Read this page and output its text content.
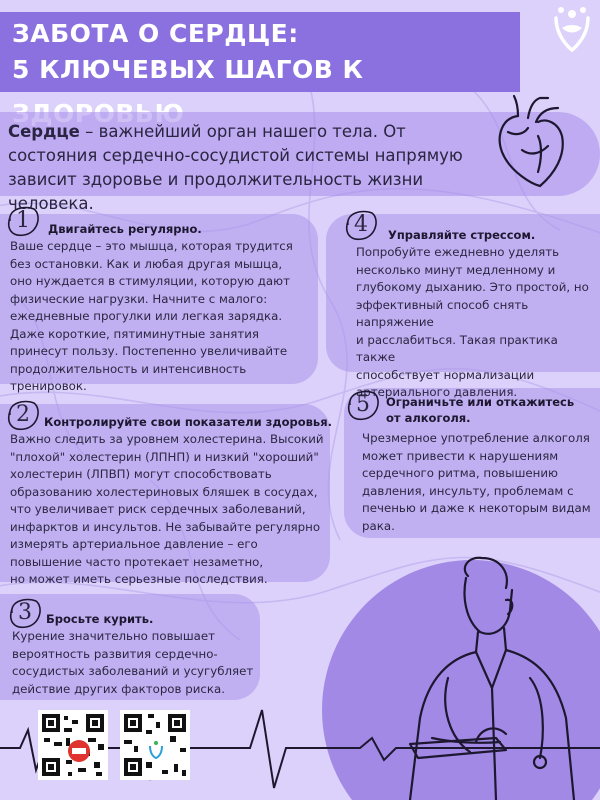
ЗАБОТА О СЕРДЦЕ:
5 КЛЮЧЕВЫХ ШАГОВ К
Сердце – важнейший орган нашего тела. От состояния сердечно-сосудистой системы напрямую зависит здоровье и продолжительность жизни человека.
1	Двигайтесь регулярно.
Ваше сердце – это мышца, которая трудится
без остановки. Как и любая другая мышца,
оно нуждается в стимуляции, которую дают
физические нагрузки. Начните с малого:
ежедневные прогулки или легкая зарядка.
Даже короткие, пятиминутные занятия
принесут пользу. Постепенно увеличивайте
продолжительность и интенсивность
тренировок.
2	Контролируйте свои показатели здоровья.
Важно следить за уровнем холестерина. Высокий
"плохой" холестерин (ЛПНП) и низкий "хороший"
холестерин (ЛПВП) могут способствовать
образованию холестериновых бляшек в сосудах,
что увеличивает риск сердечных заболеваний,
инфарктов и инсультов. Не забывайте регулярно
измерять артериальное давление – его
повышение часто протекает незаметно,
но может иметь серьезные последствия.
3	Бросьте курить.
Курение значительно повышает
вероятность развития сердечно-
сосудистых заболеваний и усугубляет
действие других факторов риска.
4	Управляйте стрессом.
Попробуйте ежедневно уделять
несколько минут медленному и
глубокому дыханию. Это простой, но
эффективный способ снять напряжение
и расслабиться. Такая практика также
способствует нормализации
артериального давления.
5	Ограничьте или откажитесь
от алкоголя.
Чрезмерное употребление алкоголя
может привести к нарушениям
сердечного ритма, повышению
давления, инсульту, проблемам с
печенью и даже к некоторым видам
рака.
